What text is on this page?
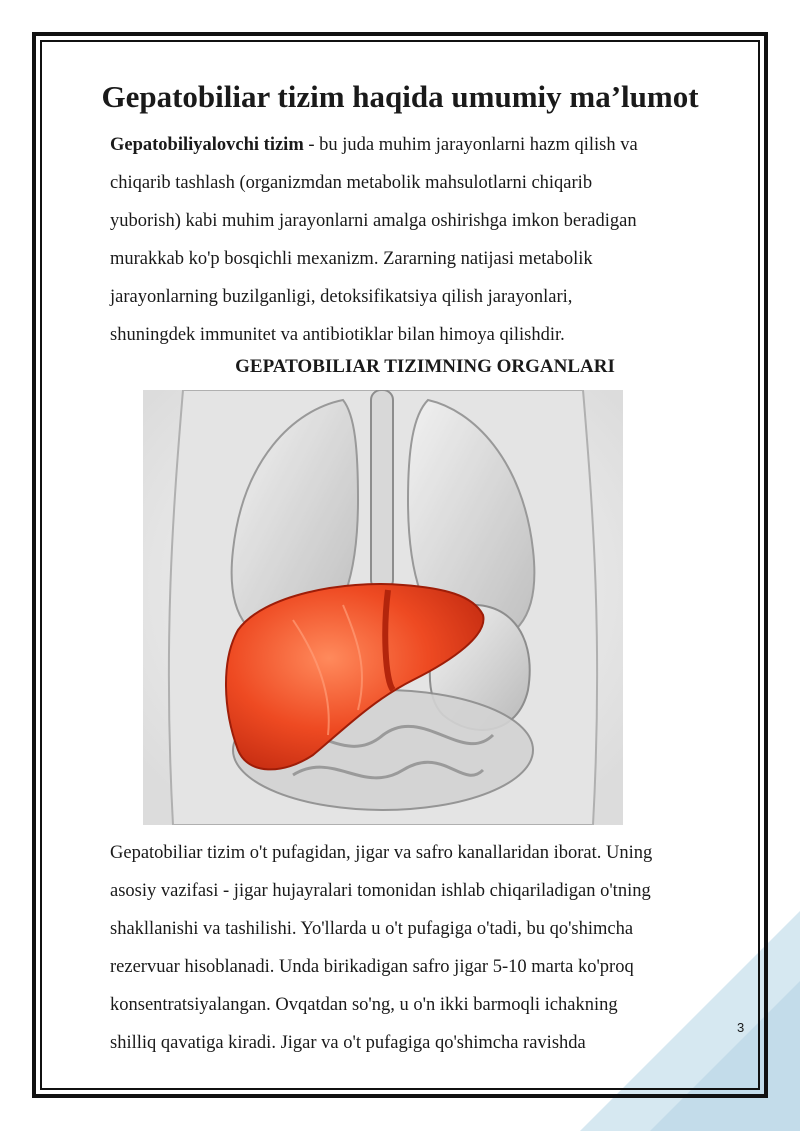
Gepatobiliar tizim haqida umumiy ma’lumot
Gepatobiliyalovchi tizim - bu juda muhim jarayonlarni hazm qilish va
chiqarib tashlash (organizmdan metabolik mahsulotlarni chiqarib
yuborish) kabi muhim jarayonlarni amalga oshirishga imkon beradigan
murakkab ko'p bosqichli mexanizm. Zararning natijasi metabolik
jarayonlarning buzilganligi, detoksifikatsiya qilish jarayonlari,
shuningdek immunitet va antibiotiklar bilan himoya qilishdir.
GEPATOBILIAR TIZIMNING ORGANLARI
Gepatobiliar tizim o't pufagidan, jigar va safro kanallaridan iborat. Uning
asosiy vazifasi - jigar hujayralari tomonidan ishlab chiqariladigan o'tning
shakllanishi va tashilishi. Yo'llarda u o't pufagiga o'tadi, bu qo'shimcha
rezervuar hisoblanadi. Unda birikadigan safro jigar 5-10 marta ko'proq
konsentratsiyalangan. Ovqatdan so'ng, u o'n ikki barmoqli ichakning
shilliq qavatiga kiradi. Jigar va o't pufagiga qo'shimcha ravishda
3
